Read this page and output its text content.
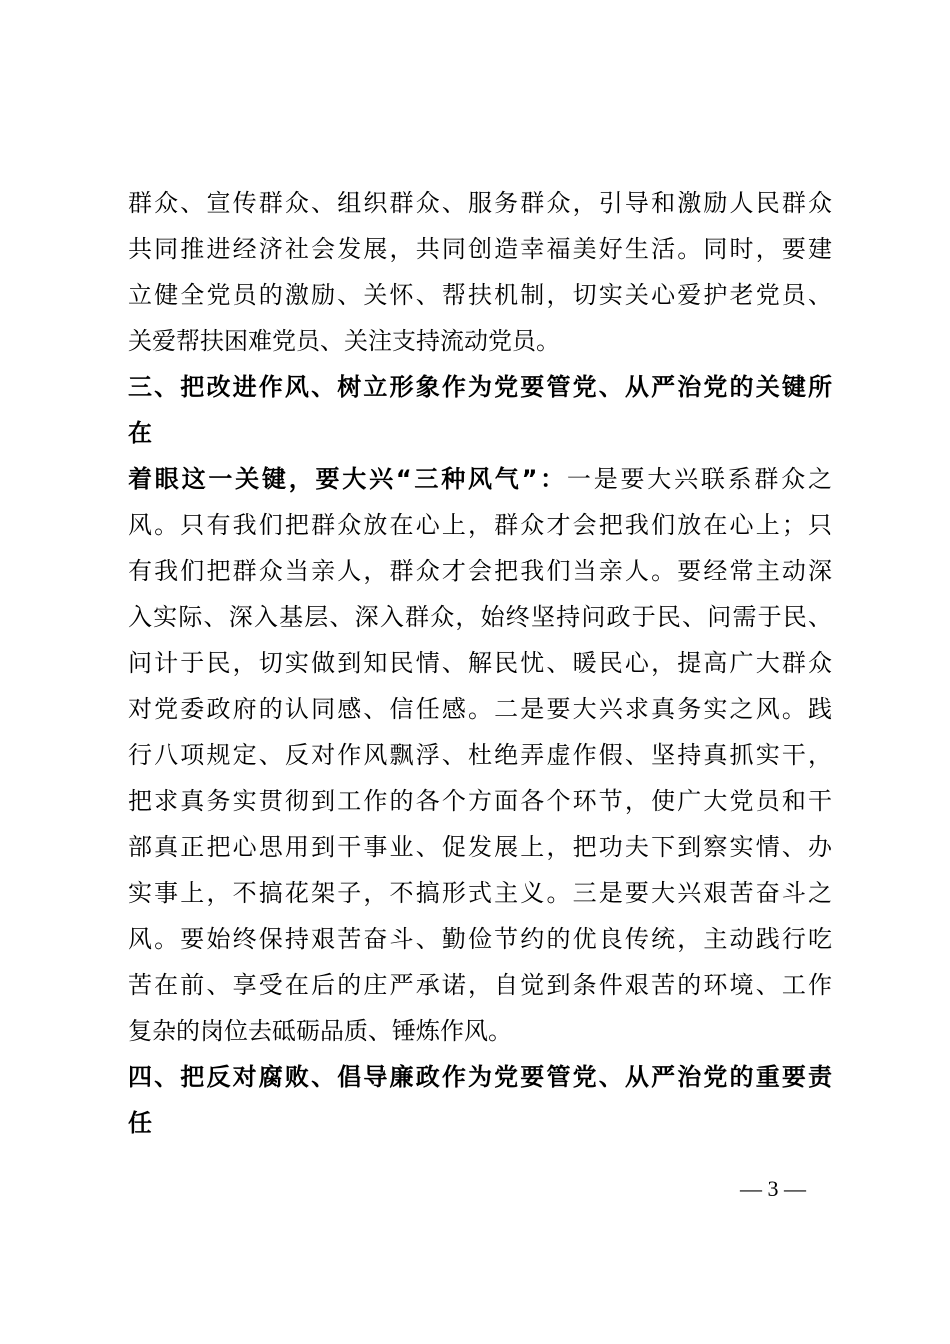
群众、宣传群众、组织群众、服务群众，引导和激励人民群众
共同推进经济社会发展，共同创造幸福美好生活。同时，要建
立健全党员的激励、关怀、帮扶机制，切实关心爱护老党员、
关爱帮扶困难党员、关注支持流动党员。
三、把改进作风、树立形象作为党要管党、从严治党的关键所
在
着眼这一关键，要大兴“三种风气”：一是要大兴联系群众之
风。只有我们把群众放在心上，群众才会把我们放在心上；只
有我们把群众当亲人，群众才会把我们当亲人。要经常主动深
入实际、深入基层、深入群众，始终坚持问政于民、问需于民、
问计于民，切实做到知民情、解民忧、暖民心，提高广大群众
对党委政府的认同感、信任感。二是要大兴求真务实之风。践
行八项规定、反对作风飘浮、杜绝弄虚作假、坚持真抓实干，
把求真务实贯彻到工作的各个方面各个环节，使广大党员和干
部真正把心思用到干事业、促发展上，把功夫下到察实情、办
实事上，不搞花架子，不搞形式主义。三是要大兴艰苦奋斗之
风。要始终保持艰苦奋斗、勤俭节约的优良传统，主动践行吃
苦在前、享受在后的庄严承诺，自觉到条件艰苦的环境、工作
复杂的岗位去砥砺品质、锤炼作风。
四、把反对腐败、倡导廉政作为党要管党、从严治党的重要责
任
— 3 —
